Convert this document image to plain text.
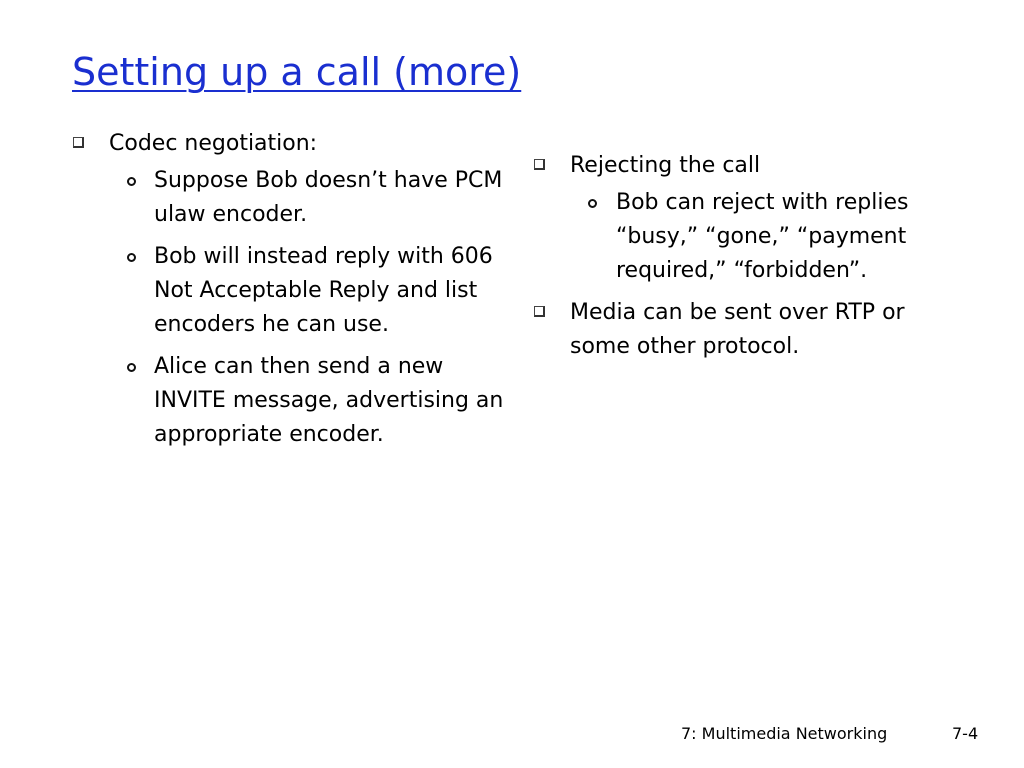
Setting up a call (more)
Codec negotiation:
Suppose Bob doesn’t have PCM ulaw encoder.
Bob will instead reply with 606 Not Acceptable Reply and list encoders he can use.
Alice can then send a new INVITE message, advertising an appropriate encoder.
Rejecting the call
Bob can reject with replies “busy,” “gone,” “payment required,” “forbidden”.
Media can be sent over RTP or some other protocol.
7: Multimedia Networking	7-4
